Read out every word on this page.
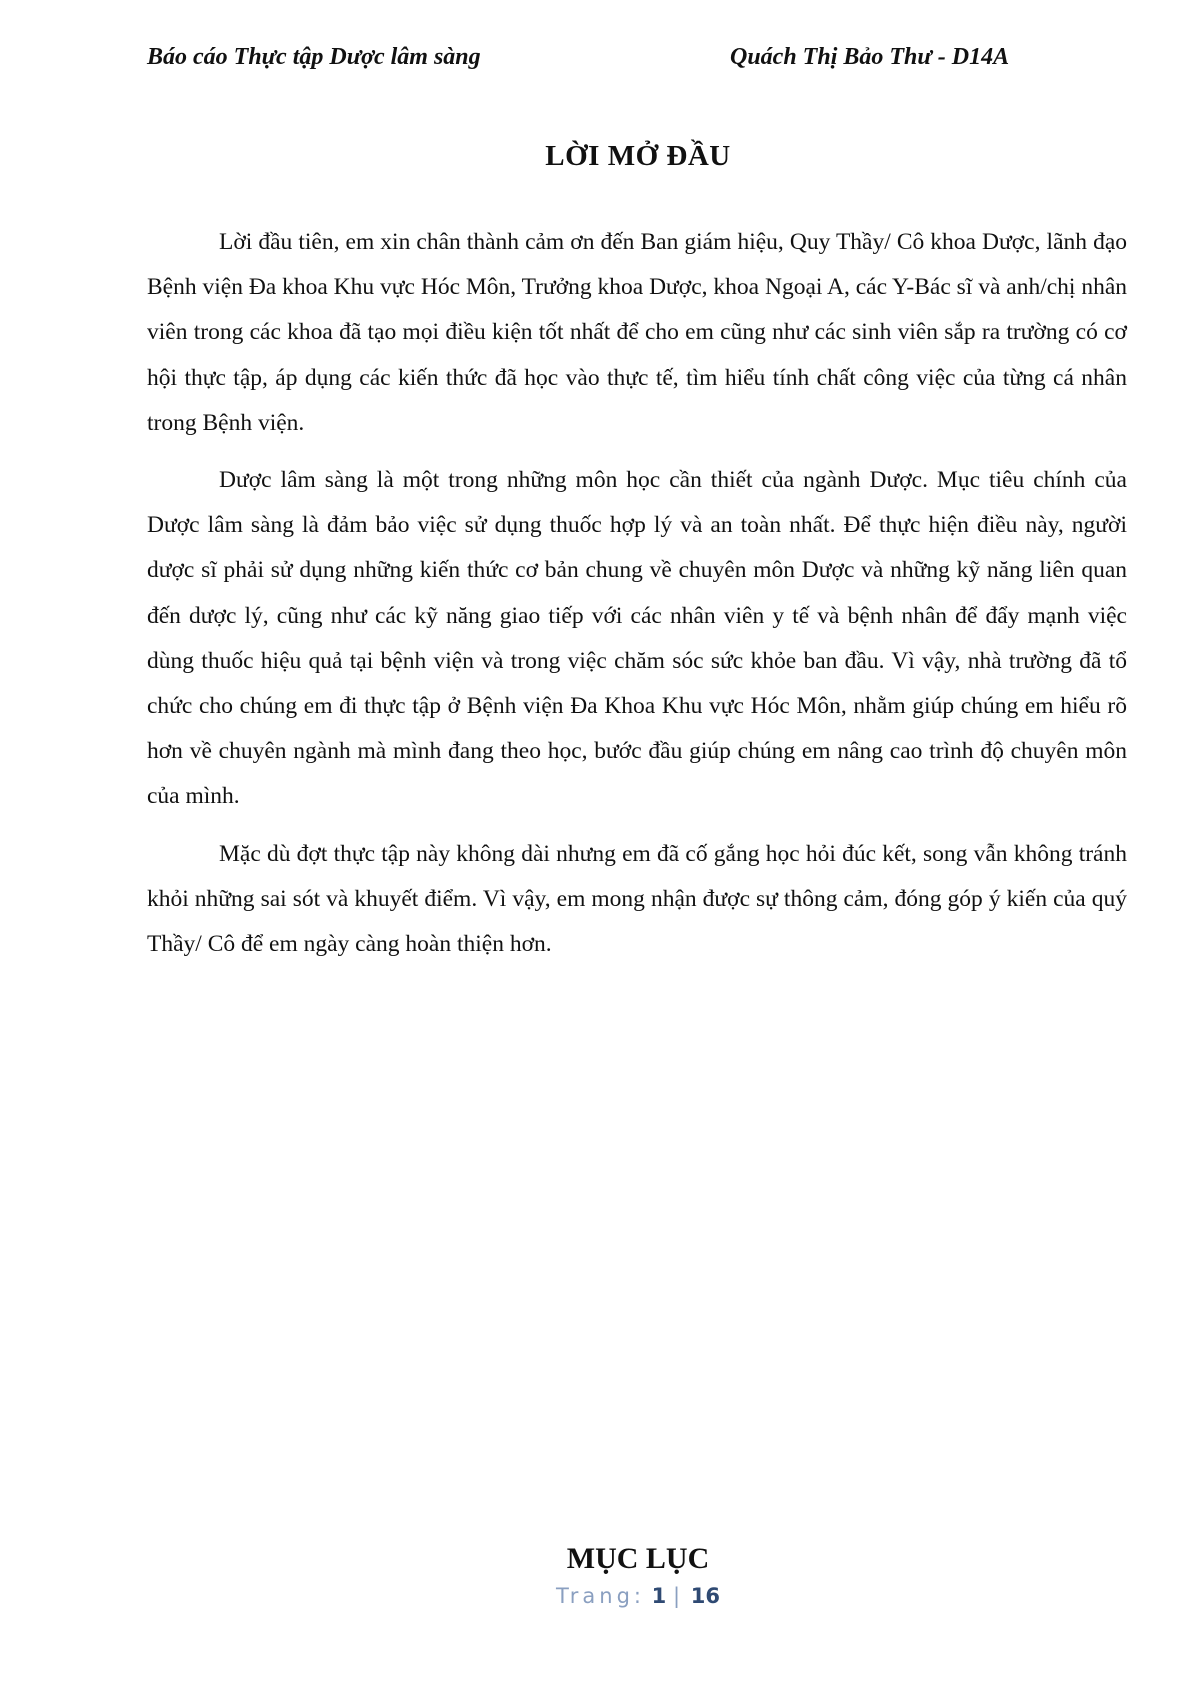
Báo cáo Thực tập Dược lâm sàng	Quách Thị Bảo Thư - D14A
LỜI MỞ ĐẦU

Lời đầu tiên, em xin chân thành cảm ơn đến Ban giám hiệu, Quy Thầy/ Cô khoa Dược, lãnh đạo Bệnh viện Đa khoa Khu vực Hóc Môn, Trưởng khoa Dược, khoa Ngoại A, các Y-Bác sĩ và anh/chị nhân viên trong các khoa đã tạo mọi điều kiện tốt nhất để cho em cũng như các sinh viên sắp ra trường có cơ hội thực tập, áp dụng các kiến thức đã học vào thực tế, tìm hiểu tính chất công việc của từng cá nhân trong Bệnh viện.

Dược lâm sàng là một trong những môn học cần thiết của ngành Dược. Mục tiêu chính của Dược lâm sàng là đảm bảo việc sử dụng thuốc hợp lý và an toàn nhất. Để thực hiện điều này, người dược sĩ phải sử dụng những kiến thức cơ bản chung về chuyên môn Dược và những kỹ năng liên quan đến dược lý, cũng như các kỹ năng giao tiếp với các nhân viên y tế và bệnh nhân để đẩy mạnh việc dùng thuốc hiệu quả tại bệnh viện và trong việc chăm sóc sức khỏe ban đầu. Vì vậy, nhà trường đã tổ chức cho chúng em đi thực tập ở Bệnh viện Đa Khoa Khu vực Hóc Môn, nhằm giúp chúng em hiểu rõ hơn về chuyên ngành mà mình đang theo học, bước đầu giúp chúng em nâng cao trình độ chuyên môn của mình.

Mặc dù đợt thực tập này không dài nhưng em đã cố gắng học hỏi đúc kết, song vẫn không tránh khỏi những sai sót và khuyết điểm. Vì vậy, em mong nhận được sự thông cảm, đóng góp ý kiến của quý Thầy/ Cô để em ngày càng hoàn thiện hơn.

MỤC LỤC
Trang: 1 | 16
